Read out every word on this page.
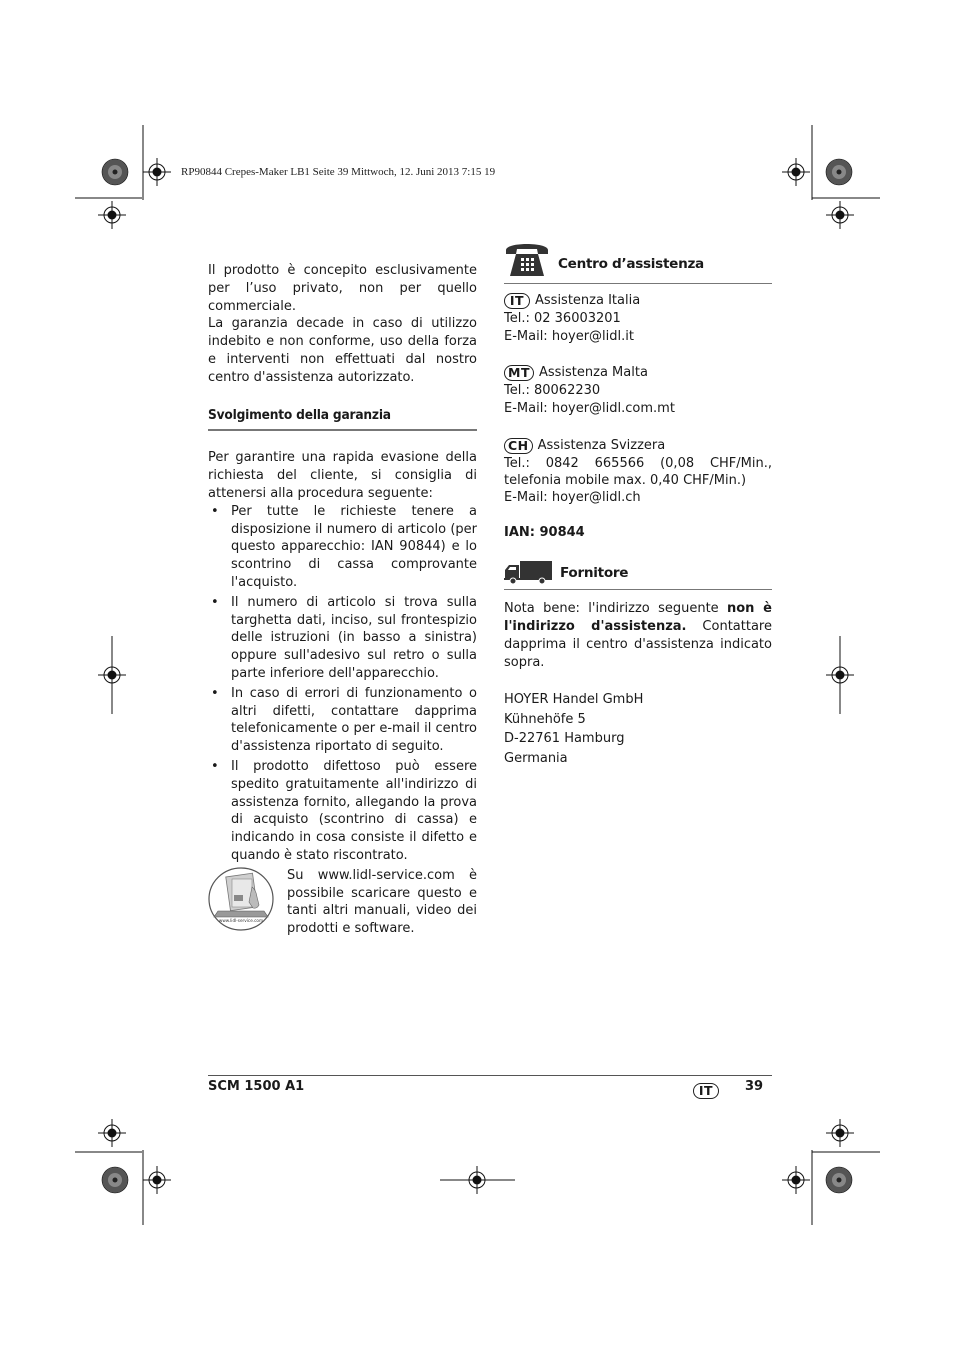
RP90844 Crepes-Maker LB1 Seite 39 Mittwoch, 12. Juni 2013 7:15 19

Il prodotto è concepito esclusivamente per l’uso privato, non per quello commerciale.

La garanzia decade in caso di utilizzo indebito e non conforme, uso della forza e interventi non effettuati dal nostro centro d'assistenza autorizzato.

Svolgimento della garanzia

Per garantire una rapida evasione della richiesta del cliente, si consiglia di attenersi alla procedura seguente:

• Per tutte le richieste tenere a disposizione il numero di articolo (per questo apparecchio: IAN 90844) e lo scontrino di cassa comprovante l'acquisto.
• Il numero di articolo si trova sulla targhetta dati, inciso, sul frontespizio delle istruzioni (in basso a sinistra) oppure sull'adesivo sul retro o sulla parte inferiore dell'apparecchio.
• In caso di errori di funzionamento o altri difetti, contattare dapprima telefonicamente o per e-mail il centro d'assistenza riportato di seguito.
• Il prodotto difettoso può essere spedito gratuitamente all'indirizzo di assistenza fornito, allegando la prova di acquisto (scontrino di cassa) e indicando in cosa consiste il difetto e quando è stato riscontrato.
www.lidl-service.com
Su www.lidl-service.com è possibile scaricare questo e tanti altri manuali, video dei prodotti e software.
Centro d’assistenza
IT Assistenza Italia
Tel.: 02 36003201
E-Mail: hoyer@lidl.it
MT Assistenza Malta
Tel.: 80062230
E-Mail: hoyer@lidl.com.mt
CH Assistenza Svizzera

Tel.: 0842 665566 (0,08 CHF/Min., telefonia mobile max. 0,40 CHF/Min.)

E-Mail: hoyer@lidl.ch
IAN: 90844
Fornitore

Nota bene: l'indirizzo seguente non è l'indirizzo d'assistenza. Contattare dapprima il centro d'assistenza indicato sopra.

HOYER Handel GmbH
Kühnehöfe 5
D-22761 Hamburg
Germania
SCM 1500 A1	IT	39
